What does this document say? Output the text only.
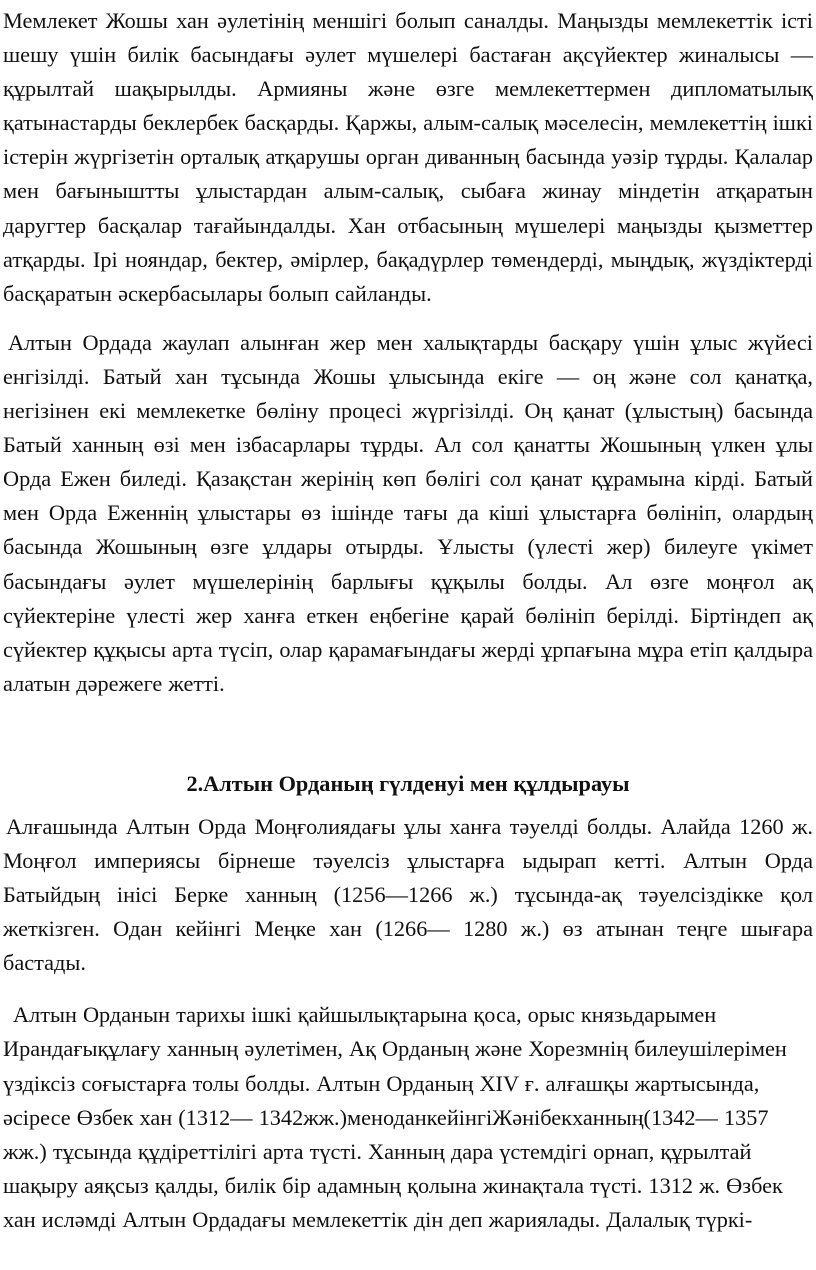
Мемлекет Жошы хан әулетінің меншігі болып саналды. Маңызды мемлекеттік істі шешу үшін билік басындағы әулет мүшелері бастаған ақсүйектер жиналысы — құрылтай шақырылды. Армияны және өзге мемлекеттермен дипломатылық қатынастарды беклербек басқарды. Қаржы, алым-салық мәселесін, мемлекеттің ішкі істерін жүргізетін орталық атқарушы орган диванның басында уәзір тұрды. Қалалар мен бағыныштты ұлыстардан алым-салық, сыбаға жинау міндетін атқаратын даругтер басқалар тағайындалды. Хан отбасының мүшелері маңызды қызметтер атқарды. Ірі нояндар, бектер, әмірлер, бақадүрлер төмендерді, мыңдық, жүздіктерді басқаратын әскербасылары болып сайланды.

Алтын Ордада жаулап алынған жер мен халықтарды басқару үшін ұлыс жүйесі енгізілді. Батый хан тұсында Жошы ұлысында екіге — оң және сол қанатқа, негізінен екі мемлекетке бөліну процесі жүргізілді. Оң қанат (ұлыстың) басында Батый ханның өзі мен ізбасарлары тұрды. Ал сол қанатты Жошының үлкен ұлы Орда Ежен биледі. Қазақстан жерінің көп бөлігі сол қанат құрамына кірді. Батый мен Орда Еженнің ұлыстары өз ішінде тағы да кіші ұлыстарға бөлініп, олардың басында Жошының өзге ұлдары отырды. Ұлысты (үлесті жер) билеуге үкімет басындағы әулет мүшелерінің барлығы құқылы болды. Ал өзге моңғол ақ сүйектеріне үлесті жер ханға еткен еңбегіне қарай бөлініп берілді. Біртіндеп ақ сүйектер құқысы арта түсіп, олар қарамағындағы жерді ұрпағына мұра етіп қалдыра алатын дәрежеге жетті.

2.Алтын Орданың гүлденуі мен құлдырауы

Алғашында Алтын Орда Моңғолиядағы ұлы ханға тәуелді болды. Алайда 1260 ж. Моңғол империясы бірнеше тәуелсіз ұлыстарға ыдырап кетті. Алтын Орда Батыйдың інісі Берке ханның (1256—1266 ж.) тұсында-ақ тәуелсіздікке қол жеткізген. Одан кейінгі Меңке хан (1266— 1280 ж.) өз атынан теңге шығара бастады.

Алтын Орданын тарихы ішкі қайшылықтарына қоса, орыс князьдарымен Ирандағықұлағу ханның әулетімен, Ақ Орданың және Хорезмнің билеушілерімен үздіксіз соғыстарға толы болды. Алтын Орданың XIV ғ. алғашқы жартысында, әсіресе Өзбек хан (1312— 1342жж.)меноданкейінгіЖәнібекханның(1342— 1357 жж.) тұсында құдіреттілігі арта түсті. Ханның дара үстемдігі орнап, құрылтай шақыру аяқсыз қалды, билік бір адамның қолына жинақтала түсті. 1312 ж. Өзбек хан исләмді Алтын Ордадағы мемлекеттік дін деп жариялады. Далалық түркі-
